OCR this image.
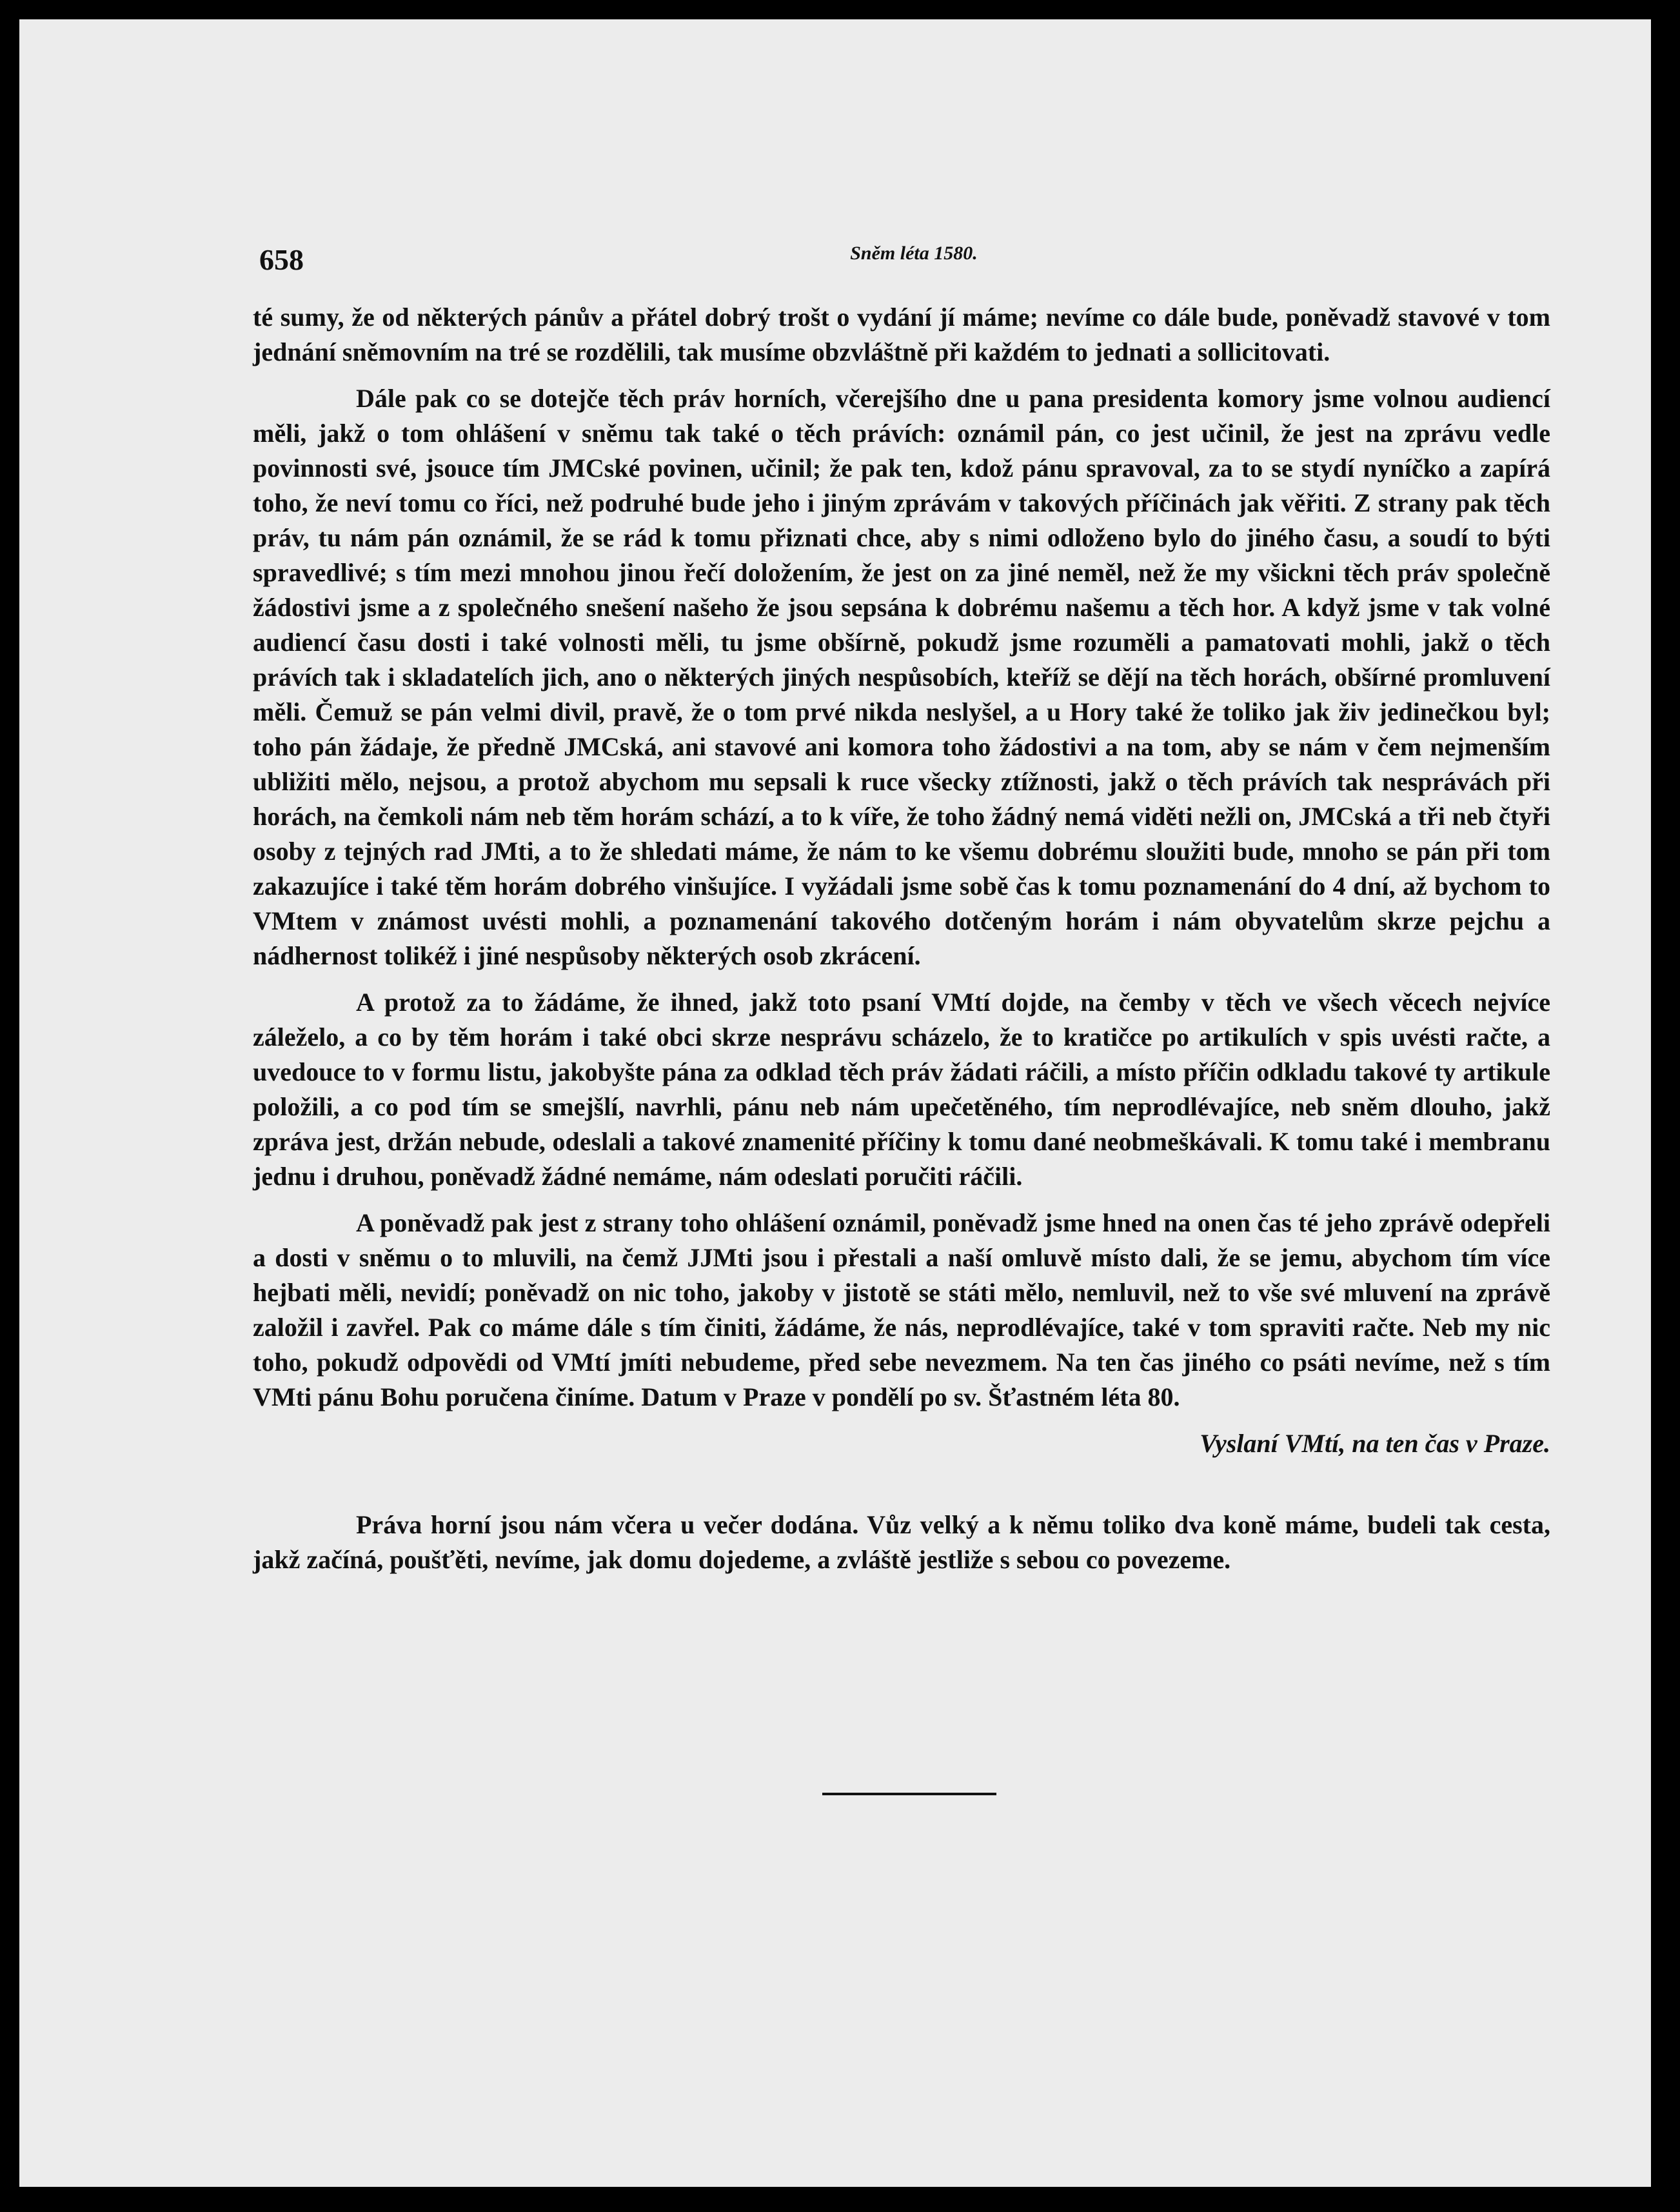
658	Sněm léta 1580.

té sumy, že od některých pánův a přátel dobrý trošt o vydání jí máme; nevíme co dále bude, poněvadž stavové v tom jednání sněmovním na tré se rozdělili, tak musíme obzvláštně při každém to jednati a sollicitovati.

Dále pak co se dotejče těch práv horních, včerejšího dne u pana presidenta komory jsme volnou audiencí měli, jakž o tom ohlášení v sněmu tak také o těch právích: oznámil pán, co jest učinil, že jest na zprávu vedle povinnosti své, jsouce tím JMCské povinen, učinil; že pak ten, kdož pánu spravoval, za to se stydí nyníčko a zapírá toho, že neví tomu co říci, než podruhé bude jeho i jiným zprávám v takových příčinách jak věřiti. Z strany pak těch práv, tu nám pán oznámil, že se rád k tomu přiznati chce, aby s nimi odloženo bylo do jiného času, a soudí to býti spravedlivé; s tím mezi mnohou jinou řečí doložením, že jest on za jiné neměl, než že my všickni těch práv společně žádostivi jsme a z společného snešení našeho že jsou sepsána k dobrému našemu a těch hor. A když jsme v tak volné audiencí času dosti i také volnosti měli, tu jsme obšírně, pokudž jsme rozuměli a pamatovati mohli, jakž o těch právích tak i skladatelích jich, ano o některých jiných nespůsobích, kteříž se dějí na těch horách, obšírné promluvení měli. Čemuž se pán velmi divil, pravě, že o tom prvé nikda neslyšel, a u Hory také že toliko jak živ jedinečkou byl; toho pán žádaje, že předně JMCská, ani stavové ani komora toho žádostivi a na tom, aby se nám v čem nejmenším ubližiti mělo, nejsou, a protož abychom mu sepsali k ruce všecky ztížnosti, jakž o těch právích tak nesprávách při horách, na čemkoli nám neb těm horám schází, a to k víře, že toho žádný nemá viděti nežli on, JMCská a tři neb čtyři osoby z tejných rad JMti, a to že shledati máme, že nám to ke všemu dobrému sloužiti bude, mnoho se pán při tom zakazujíce i také těm horám dobrého vinšujíce. I vyžádali jsme sobě čas k tomu poznamenání do 4 dní, až bychom to VMtem v známost uvésti mohli, a poznamenání takového dotčeným horám i nám obyvatelům skrze pejchu a nádhernost tolikéž i jiné nespůsoby některých osob zkrácení.

A protož za to žádáme, že ihned, jakž toto psaní VMtí dojde, na čemby v těch ve všech věcech nejvíce záleželo, a co by těm horám i také obci skrze nesprávu scházelo, že to kratičce po artikulích v spis uvésti račte, a uvedouce to v formu listu, jakobyšte pána za odklad těch práv žádati ráčili, a místo příčin odkladu takové ty artikule položili, a co pod tím se smejšlí, navrhli, pánu neb nám upečetěného, tím neprodlévajíce, neb sněm dlouho, jakž zpráva jest, držán nebude, odeslali a takové znamenité příčiny k tomu dané neobmeškávali. K tomu také i membranu jednu i druhou, poněvadž žádné nemáme, nám odeslati poručiti ráčili.

A poněvadž pak jest z strany toho ohlášení oznámil, poněvadž jsme hned na onen čas té jeho zprávě odepřeli a dosti v sněmu o to mluvili, na čemž JJMti jsou i přestali a naší omluvě místo dali, že se jemu, abychom tím více hejbati měli, nevidí; poněvadž on nic toho, jakoby v jistotě se státi mělo, nemluvil, než to vše své mluvení na zprávě založil i zavřel. Pak co máme dále s tím činiti, žádáme, že nás, neprodlévajíce, také v tom spraviti račte. Neb my nic toho, pokudž odpovědi od VMtí jmíti nebudeme, před sebe nevezmem. Na ten čas jiného co psáti nevíme, než s tím VMti pánu Bohu poručena činíme. Datum v Praze v pondělí po sv. Šťastném léta 80.

Vyslaní VMtí, na ten čas v Praze.

Práva horní jsou nám včera u večer dodána. Vůz velký a k němu toliko dva koně máme, budeli tak cesta, jakž začíná, poušťěti, nevíme, jak domu dojedeme, a zvláště jestliže s sebou co povezeme.
